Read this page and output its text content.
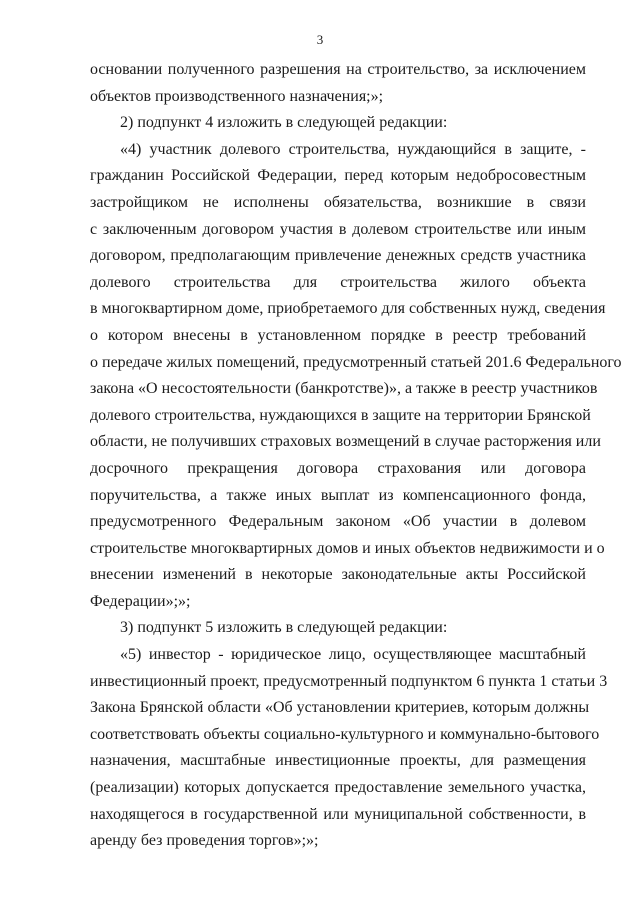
3
основании полученного разрешения на строительство, за исключением
объектов производственного назначения;»;
2) подпункт 4 изложить в следующей редакции:
«4) участник долевого строительства, нуждающийся в защите, -
гражданин Российской Федерации, перед которым недобросовестным
застройщиком не исполнены обязательства, возникшие в связи
с заключенным договором участия в долевом строительстве или иным
договором, предполагающим привлечение денежных средств участника
долевого строительства для строительства жилого объекта
в многоквартирном доме, приобретаемого для собственных нужд, сведения
о котором внесены в установленном порядке в реестр требований
о передаче жилых помещений, предусмотренный статьей 201.6 Федерального
закона «О несостоятельности (банкротстве)», а также в реестр участников
долевого строительства, нуждающихся в защите на территории Брянской
области, не получивших страховых возмещений в случае расторжения или
досрочного прекращения договора страхования или договора
поручительства, а также иных выплат из компенсационного фонда,
предусмотренного Федеральным законом «Об участии в долевом
строительстве многоквартирных домов и иных объектов недвижимости и о
внесении изменений в некоторые законодательные акты Российской
Федерации»;»;
3) подпункт 5 изложить в следующей редакции:
«5) инвестор - юридическое лицо, осуществляющее масштабный
инвестиционный проект, предусмотренный подпунктом 6 пункта 1 статьи 3
Закона Брянской области «Об установлении критериев, которым должны
соответствовать объекты социально-культурного и коммунально-бытового
назначения, масштабные инвестиционные проекты, для размещения
(реализации) которых допускается предоставление земельного участка,
находящегося в государственной или муниципальной собственности, в
аренду без проведения торгов»;»;
